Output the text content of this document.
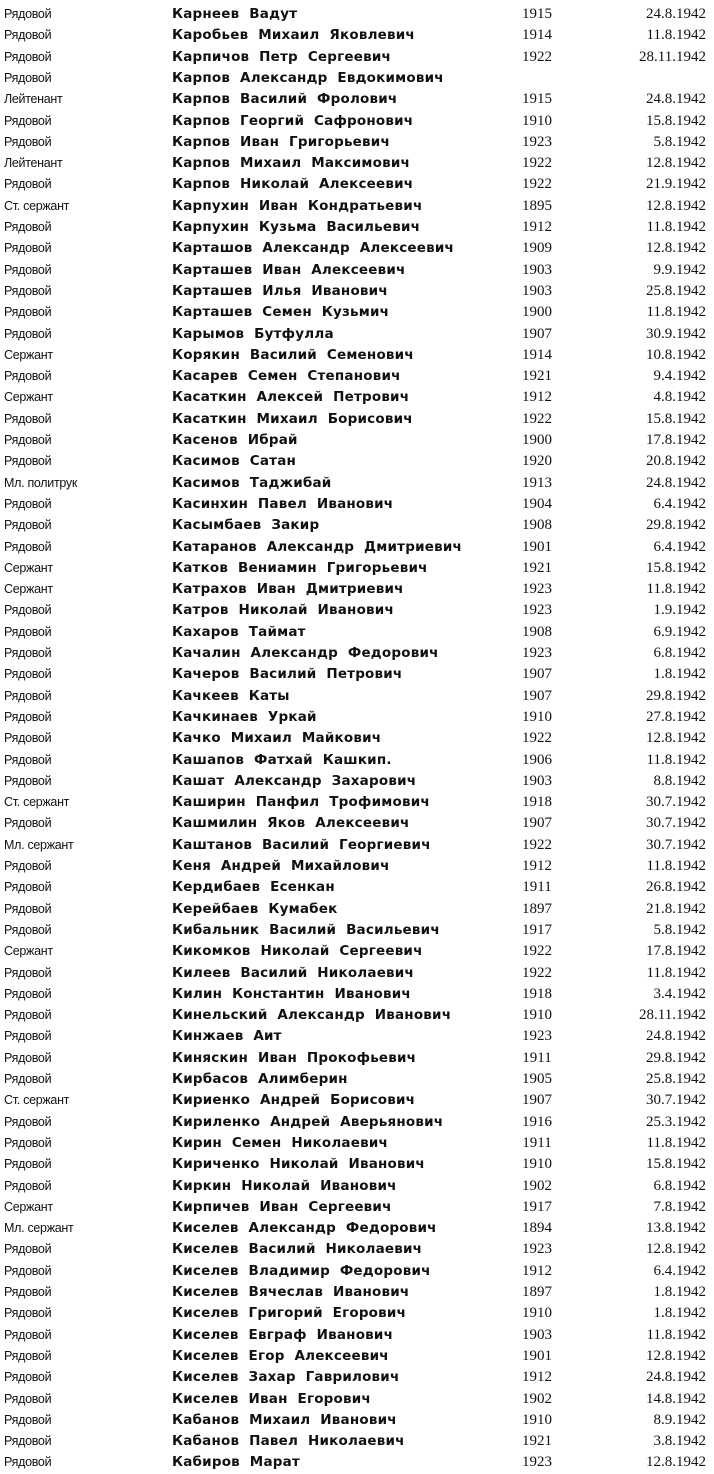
Рядовой	Карнеев Вадут	1915	24.8.1942
Рядовой	Каробьев Михаил Яковлевич	1914	11.8.1942
Рядовой	Карпичов Петр Сергеевич	1922	28.11.1942
Рядовой	Карпов Александр Евдокимович
Лейтенант	Карпов Василий Фролович	1915	24.8.1942
Рядовой	Карпов Георгий Сафронович	1910	15.8.1942
Рядовой	Карпов Иван Григорьевич	1923	5.8.1942
Лейтенант	Карпов Михаил Максимович	1922	12.8.1942
Рядовой	Карпов Николай Алексеевич	1922	21.9.1942
Ст. сержант	Карпухин Иван Кондратьевич	1895	12.8.1942
Рядовой	Карпухин Кузьма Васильевич	1912	11.8.1942
Рядовой	Карташов Александр Алексеевич	1909	12.8.1942
Рядовой	Карташев Иван Алексеевич	1903	9.9.1942
Рядовой	Карташев Илья Иванович	1903	25.8.1942
Рядовой	Карташев Семен Кузьмич	1900	11.8.1942
Рядовой	Карымов Бутфулла	1907	30.9.1942
Сержант	Корякин Василий Семенович	1914	10.8.1942
Рядовой	Касарев Семен Степанович	1921	9.4.1942
Сержант	Касаткин Алексей Петрович	1912	4.8.1942
Рядовой	Касаткин Михаил Борисович	1922	15.8.1942
Рядовой	Касенов Ибрай	1900	17.8.1942
Рядовой	Касимов Сатан	1920	20.8.1942
Мл. политрук	Касимов Таджибай	1913	24.8.1942
Рядовой	Касинхин Павел Иванович	1904	6.4.1942
Рядовой	Касымбаев Закир	1908	29.8.1942
Рядовой	Катаранов Александр Дмитриевич	1901	6.4.1942
Сержант	Катков Вениамин Григорьевич	1921	15.8.1942
Сержант	Катрахов Иван Дмитриевич	1923	11.8.1942
Рядовой	Катров Николай Иванович	1923	1.9.1942
Рядовой	Кахаров Таймат	1908	6.9.1942
Рядовой	Качалин Александр Федорович	1923	6.8.1942
Рядовой	Качеров Василий Петрович	1907	1.8.1942
Рядовой	Качкеев Каты	1907	29.8.1942
Рядовой	Качкинаев Уркай	1910	27.8.1942
Рядовой	Качко Михаил Майкович	1922	12.8.1942
Рядовой	Кашапов Фатхай Кашкип.	1906	11.8.1942
Рядовой	Кашат Александр Захарович	1903	8.8.1942
Ст. сержант	Каширин Панфил Трофимович	1918	30.7.1942
Рядовой	Кашмилин Яков Алексеевич	1907	30.7.1942
Мл. сержант	Каштанов Василий Георгиевич	1922	30.7.1942
Рядовой	Кеня Андрей Михайлович	1912	11.8.1942
Рядовой	Кердибаев Есенкан	1911	26.8.1942
Рядовой	Керейбаев Кумабек	1897	21.8.1942
Рядовой	Кибальник Василий Васильевич	1917	5.8.1942
Сержант	Кикомков Николай Сергеевич	1922	17.8.1942
Рядовой	Килеев Василий Николаевич	1922	11.8.1942
Рядовой	Килин Константин Иванович	1918	3.4.1942
Рядовой	Кинельский Александр Иванович	1910	28.11.1942
Рядовой	Кинжаев Аит	1923	24.8.1942
Рядовой	Киняскин Иван Прокофьевич	1911	29.8.1942
Рядовой	Кирбасов Алимберин	1905	25.8.1942
Ст. сержант	Кириенко Андрей Борисович	1907	30.7.1942
Рядовой	Кириленко Андрей Аверьянович	1916	25.3.1942
Рядовой	Кирин Семен Николаевич	1911	11.8.1942
Рядовой	Кириченко Николай Иванович	1910	15.8.1942
Рядовой	Киркин Николай Иванович	1902	6.8.1942
Сержант	Кирпичев Иван Сергеевич	1917	7.8.1942
Мл. сержант	Киселев Александр Федорович	1894	13.8.1942
Рядовой	Киселев Василий Николаевич	1923	12.8.1942
Рядовой	Киселев Владимир Федорович	1912	6.4.1942
Рядовой	Киселев Вячеслав Иванович	1897	1.8.1942
Рядовой	Киселев Григорий Егорович	1910	1.8.1942
Рядовой	Киселев Евграф Иванович	1903	11.8.1942
Рядовой	Киселев Егор Алексеевич	1901	12.8.1942
Рядовой	Киселев Захар Гаврилович	1912	24.8.1942
Рядовой	Киселев Иван Егорович	1902	14.8.1942
Рядовой	Кабанов Михаил Иванович	1910	8.9.1942
Рядовой	Кабанов Павел Николаевич	1921	3.8.1942
Рядовой	Кабиров Марат	1923	12.8.1942
